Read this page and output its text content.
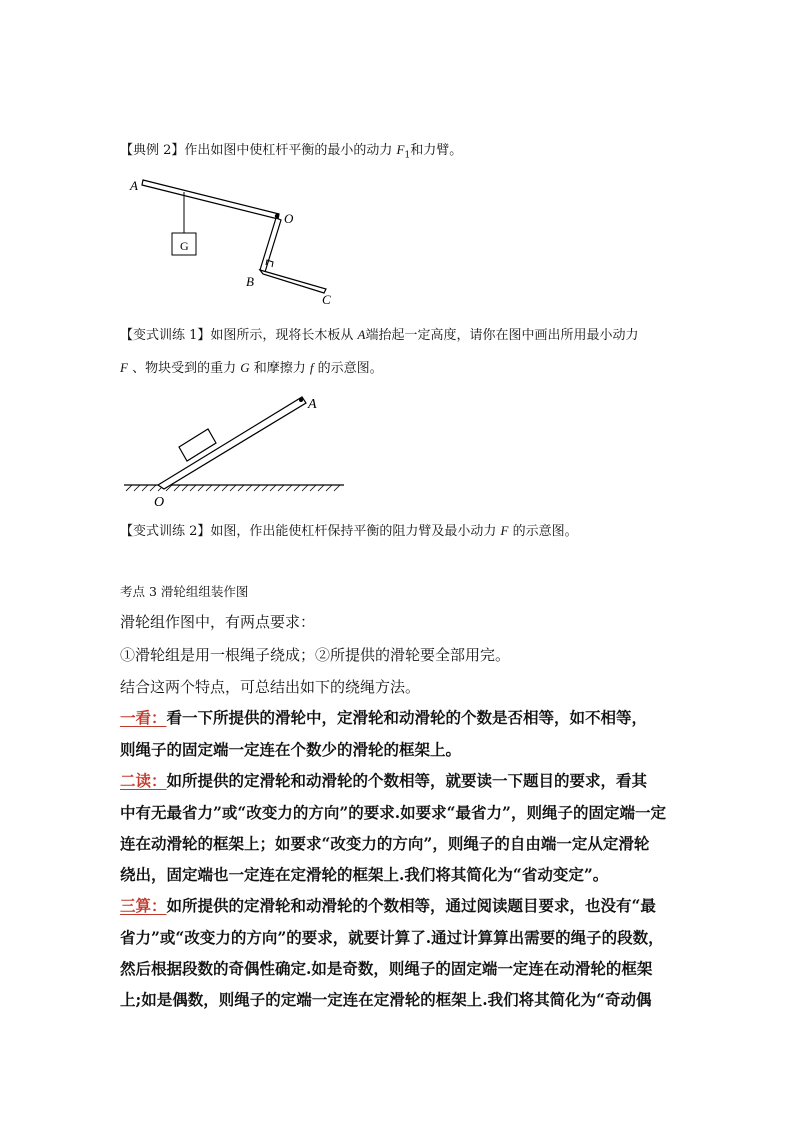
【典例 2】作出如图中使杠杆平衡的最小的动力 $F_1$和力臂。
A
O
G
B
C
【变式训练 1】如图所示，现将长木板从 A端抬起一定高度，请你在图中画出所用最小动力
F 、物块受到的重力 G 和摩擦力 f 的示意图。
A
O
【变式训练 2】如图，作出能使杠杆保持平衡的阻力臂及最小动力 F 的示意图。
考点 3 滑轮组组装作图
滑轮组作图中，有两点要求：
①滑轮组是用一根绳子绕成；②所提供的滑轮要全部用完。
结合这两个特点，可总结出如下的绕绳方法。
一看：看一下所提供的滑轮中，定滑轮和动滑轮的个数是否相等，如不相等，
则绳子的固定端一定连在个数少的滑轮的框架上。
二读：如所提供的定滑轮和动滑轮的个数相等，就要读一下题目的要求，看其
中有无最省力”或“改变力的方向”的要求.如要求“最省力”，则绳子的固定端一定
连在动滑轮的框架上；如要求“改变力的方向”，则绳子的自由端一定从定滑轮
绕出，固定端也一定连在定滑轮的框架上.我们将其简化为“省动变定”。
三算：如所提供的定滑轮和动滑轮的个数相等，通过阅读题目要求，也没有“最
省力”或“改变力的方向”的要求，就要计算了.通过计算算出需要的绳子的段数，
然后根据段数的奇偶性确定.如是奇数，则绳子的固定端一定连在动滑轮的框架
上;如是偶数，则绳子的定端一定连在定滑轮的框架上.我们将其简化为“奇动偶
